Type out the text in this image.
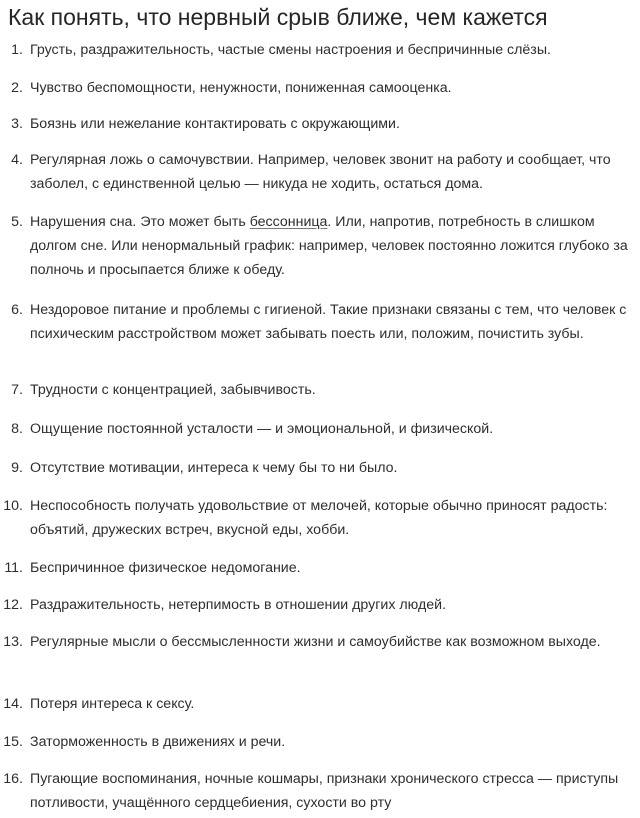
Как понять, что нервный срыв ближе, чем кажется
1. Грусть, раздражительность, частые смены настроения и беспричинные слёзы.
2. Чувство беспомощности, ненужности, пониженная самооценка.
3. Боязнь или нежелание контактировать с окружающими.
4. Регулярная ложь о самочувствии. Например, человек звонит на работу и сообщает, что заболел, с единственной целью — никуда не ходить, остаться дома.
5. Нарушения сна. Это может быть бессонница. Или, напротив, потребность в слишком долгом сне. Или ненормальный график: например, человек постоянно ложится глубоко за полночь и просыпается ближе к обеду.
6. Нездоровое питание и проблемы с гигиеной. Такие признаки связаны с тем, что человек с психическим расстройством может забывать поесть или, положим, почистить зубы.
7. Трудности с концентрацией, забывчивость.
8. Ощущение постоянной усталости — и эмоциональной, и физической.
9. Отсутствие мотивации, интереса к чему бы то ни было.
10. Неспособность получать удовольствие от мелочей, которые обычно приносят радость: объятий, дружеских встреч, вкусной еды, хобби.
11. Беспричинное физическое недомогание.
12. Раздражительность, нетерпимость в отношении других людей.
13. Регулярные мысли о бессмысленности жизни и самоубийстве как возможном выходе.
14. Потеря интереса к сексу.
15. Заторможенность в движениях и речи.
16. Пугающие воспоминания, ночные кошмары, признаки хронического стресса — приступы потливости, учащённого сердцебиения, сухости во рту
